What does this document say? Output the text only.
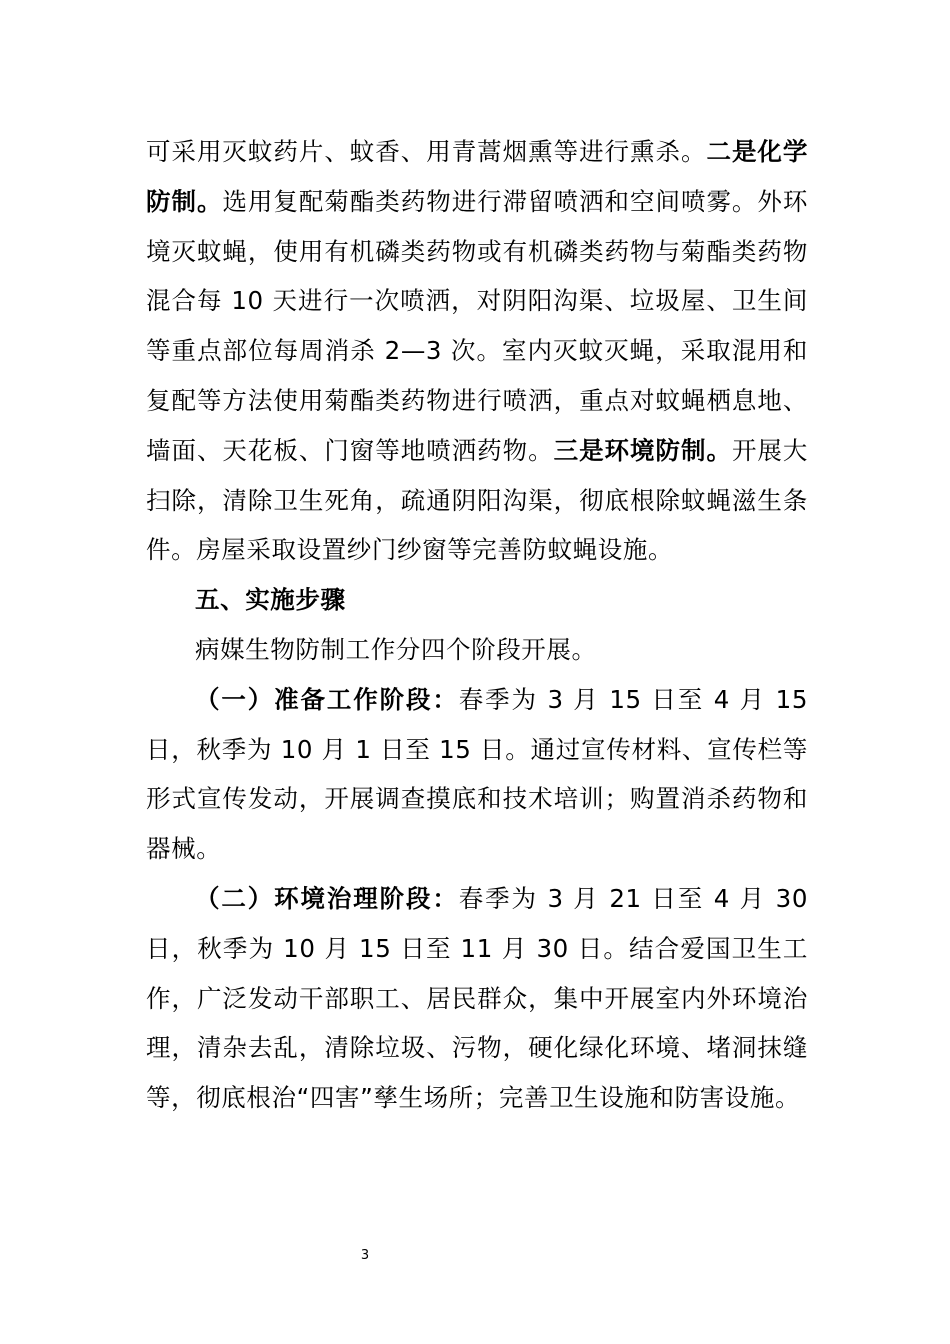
可采用灭蚊药片、蚊香、用青蒿烟熏等进行熏杀。二是化学防制。选用复配菊酯类药物进行滞留喷洒和空间喷雾。外环境灭蚊蝇，使用有机磷类药物或有机磷类药物与菊酯类药物混合每 10 天进行一次喷洒，对阴阳沟渠、垃圾屋、卫生间等重点部位每周消杀 2—3 次。室内灭蚊灭蝇，采取混用和复配等方法使用菊酯类药物进行喷洒，重点对蚊蝇栖息地、墙面、天花板、门窗等地喷洒药物。三是环境防制。开展大扫除，清除卫生死角，疏通阴阳沟渠，彻底根除蚊蝇滋生条件。房屋采取设置纱门纱窗等完善防蚊蝇设施。

五、实施步骤

病媒生物防制工作分四个阶段开展。

（一）准备工作阶段：春季为 3 月 15 日至 4 月 15 日，秋季为 10 月 1 日至 15 日。通过宣传材料、宣传栏等形式宣传发动，开展调查摸底和技术培训；购置消杀药物和器械。

（二）环境治理阶段：春季为 3 月 21 日至 4 月 30 日，秋季为 10 月 15 日至 11 月 30 日。结合爱国卫生工作，广泛发动干部职工、居民群众，集中开展室内外环境治理，清杂去乱，清除垃圾、污物，硬化绿化环境、堵洞抹缝等，彻底根治“四害”孳生场所；完善卫生设施和防害设施。

3
